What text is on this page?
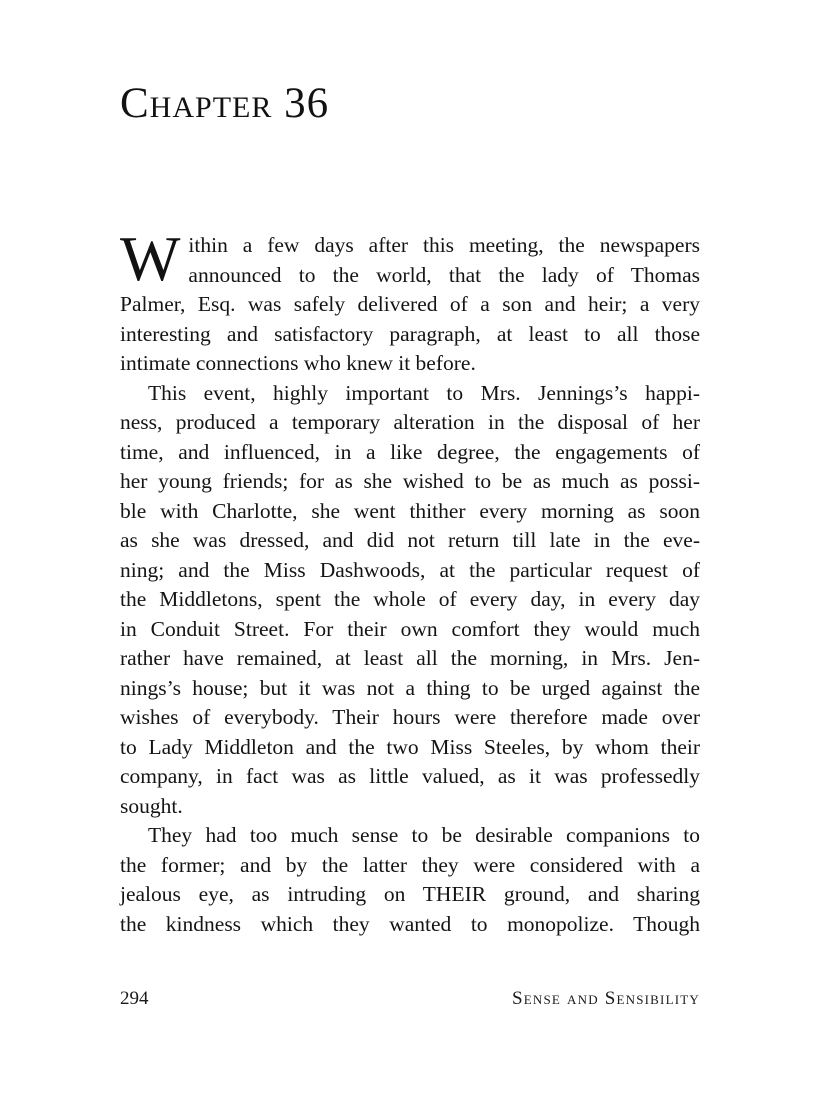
Chapter 36
W ithin a few days after this meeting, the newspapers
announced to the world, that the lady of Thomas
Palmer, Esq. was safely delivered of a son and heir; a very
interesting and satisfactory paragraph, at least to all those
intimate connections who knew it before.
This event, highly important to Mrs. Jennings’s happi-
ness, produced a temporary alteration in the disposal of her
time, and influenced, in a like degree, the engagements of
her young friends; for as she wished to be as much as possi-
ble with Charlotte, she went thither every morning as soon
as she was dressed, and did not return till late in the eve-
ning; and the Miss Dashwoods, at the particular request of
the Middletons, spent the whole of every day, in every day
in Conduit Street. For their own comfort they would much
rather have remained, at least all the morning, in Mrs. Jen-
nings’s house; but it was not a thing to be urged against the
wishes of everybody. Their hours were therefore made over
to Lady Middleton and the two Miss Steeles, by whom their
company, in fact was as little valued, as it was professedly
sought.
They had too much sense to be desirable companions to
the former; and by the latter they were considered with a
jealous eye, as intruding on THEIR ground, and sharing
the kindness which they wanted to monopolize. Though
294	Sense and Sensibility
